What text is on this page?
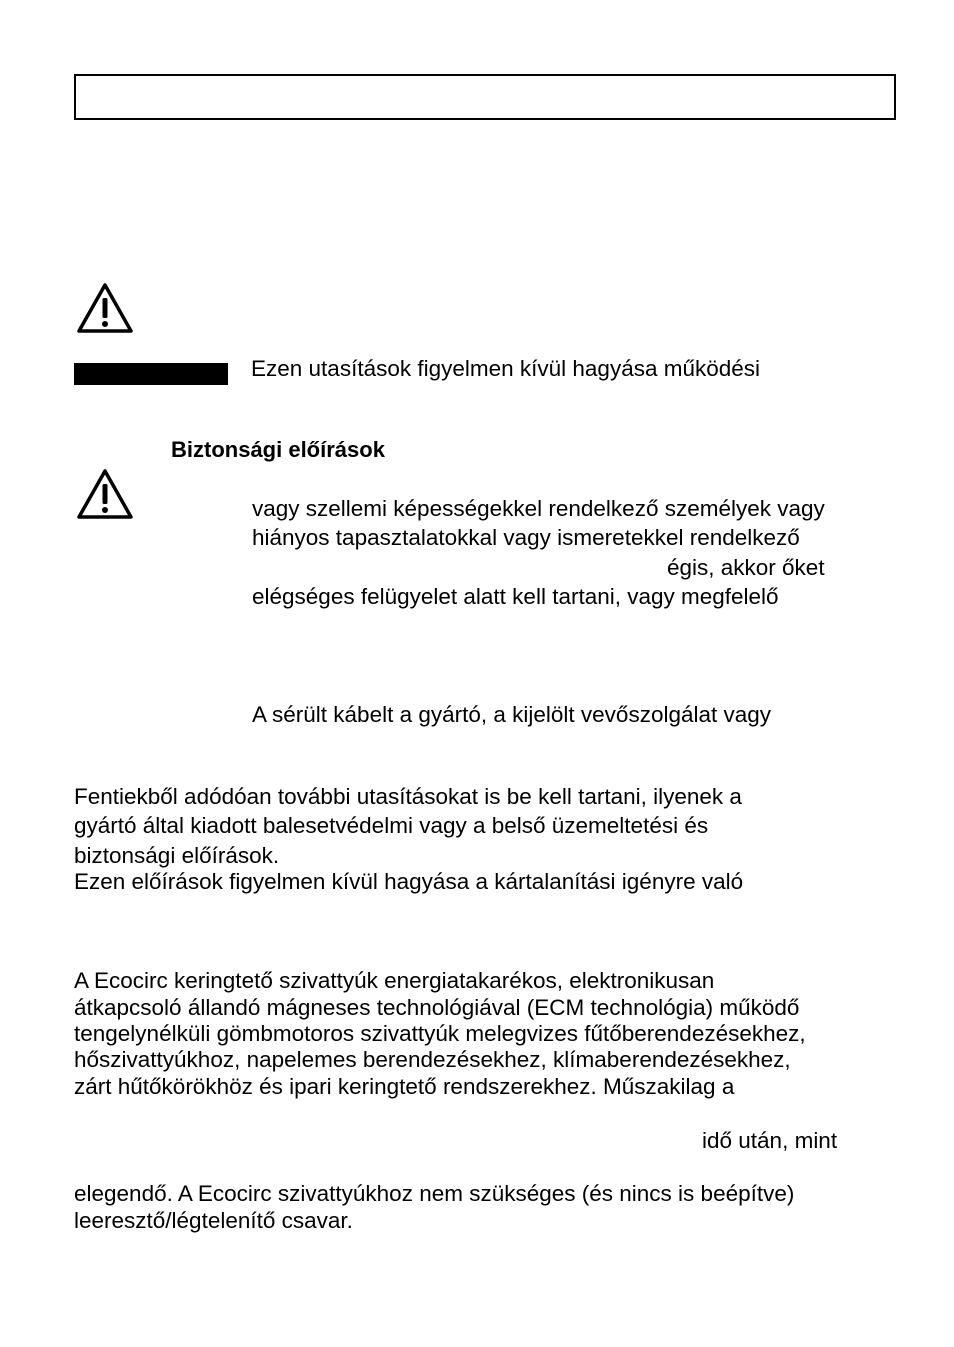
Ezen utasítások figyelmen kívül hagyása működési
Biztonsági előírások
vagy szellemi képességekkel rendelkező személyek vagy
hiányos tapasztalatokkal vagy ismeretekkel rendelkező
égis, akkor őket
elégséges felügyelet alatt kell tartani, vagy megfelelő
A sérült kábelt a gyártó, a kijelölt vevőszolgálat vagy
Fentiekből adódóan további utasításokat is be kell tartani, ilyenek a
gyártó által kiadott balesetvédelmi vagy a belső üzemeltetési és
biztonsági előírások.
Ezen előírások figyelmen kívül hagyása a kártalanítási igényre való
A Ecocirc keringtető szivattyúk energiatakarékos, elektronikusan
átkapcsoló állandó mágneses technológiával (ECM technológia) működő
tengelynélküli gömbmotoros szivattyúk melegvizes fűtőberendezésekhez,
hőszivattyúkhoz, napelemes berendezésekhez, klímaberendezésekhez,
zárt hűtőkörökhöz és ipari keringtető rendszerekhez. Műszakilag a
idő után, mint
elegendő. A Ecocirc szivattyúkhoz nem szükséges (és nincs is beépítve)
leeresztő/légtelenítő csavar.
